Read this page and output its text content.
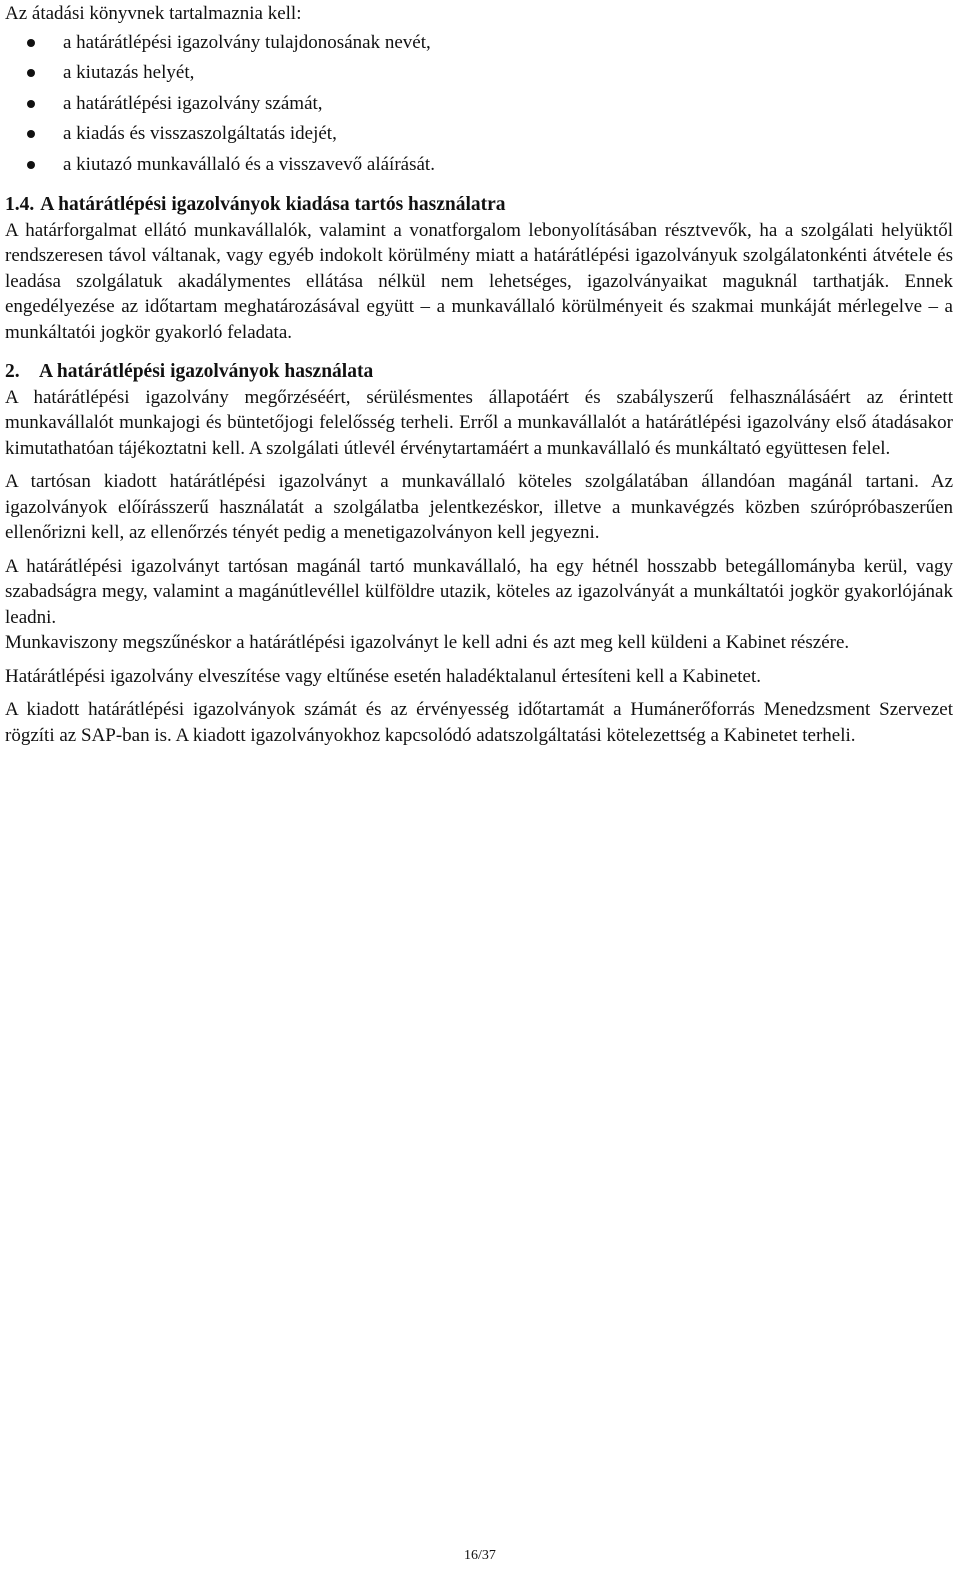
Az átadási könyvnek tartalmaznia kell:

a határátlépési igazolvány tulajdonosának nevét,
a kiutazás helyét,
a határátlépési igazolvány számát,
a kiadás és visszaszolgáltatás idejét,
a kiutazó munkavállaló és a visszavevő aláírását.
1.4. A határátlépési igazolványok kiadása tartós használatra

A határforgalmat ellátó munkavállalók, valamint a vonatforgalom lebonyolításában résztvevők, ha a szolgálati helyüktől rendszeresen távol váltanak, vagy egyéb indokolt körülmény miatt a határátlépési igazolványuk szolgálatonkénti átvétele és leadása szolgálatuk akadálymentes ellátása nélkül nem lehetséges, igazolványaikat maguknál tarthatják. Ennek engedélyezése az időtartam meghatározásával együtt – a munkavállaló körülményeit és szakmai munkáját mérlegelve – a munkáltatói jogkör gyakorló feladata.

2. A határátlépési igazolványok használata

A határátlépési igazolvány megőrzéséért, sérülésmentes állapotáért és szabályszerű felhasználásáért az érintett munkavállalót munkajogi és büntetőjogi felelősség terheli. Erről a munkavállalót a határátlépési igazolvány első átadásakor kimutathatóan tájékoztatni kell. A szolgálati útlevél érvénytartamáért a munkavállaló és munkáltató együttesen felel.

A tartósan kiadott határátlépési igazolványt a munkavállaló köteles szolgálatában állandóan magánál tartani. Az igazolványok előírásszerű használatát a szolgálatba jelentkezéskor, illetve a munkavégzés közben szúrópróbaszerűen ellenőrizni kell, az ellenőrzés tényét pedig a menetigazolványon kell jegyezni.

A határátlépési igazolványt tartósan magánál tartó munkavállaló, ha egy hétnél hosszabb betegállományba kerül, vagy szabadságra megy, valamint a magánútlevéllel külföldre utazik, köteles az igazolványát a munkáltatói jogkör gyakorlójának leadni.

Munkaviszony megszűnéskor a határátlépési igazolványt le kell adni és azt meg kell küldeni a Kabinet részére.

Határátlépési igazolvány elveszítése vagy eltűnése esetén haladéktalanul értesíteni kell a Kabinetet.

A kiadott határátlépési igazolványok számát és az érvényesség időtartamát a Humánerőforrás Menedzsment Szervezet rögzíti az SAP-ban is. A kiadott igazolványokhoz kapcsolódó adatszolgáltatási kötelezettség a Kabinetet terheli.

16/37
